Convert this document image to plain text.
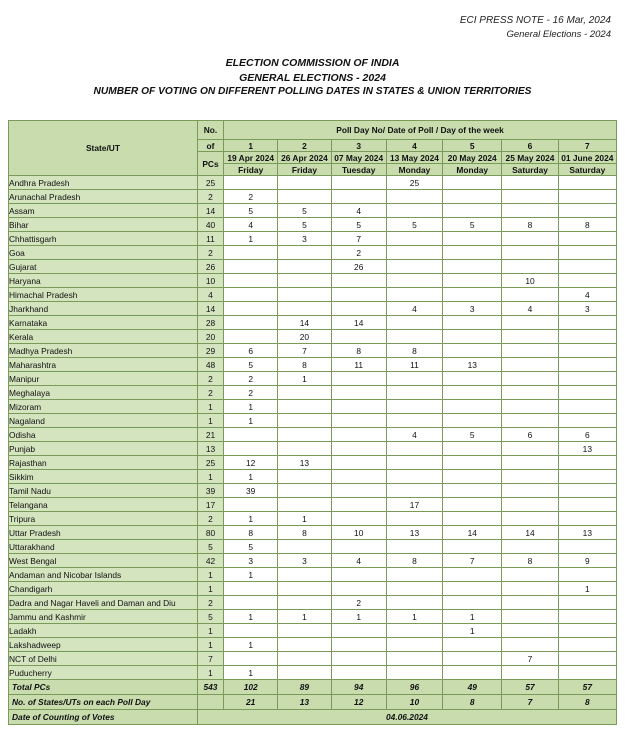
ECI PRESS NOTE - 16 Mar, 2024
General Elections - 2024
ELECTION COMMISSION OF INDIA
GENERAL ELECTIONS - 2024
NUMBER OF VOTING ON DIFFERENT POLLING DATES IN STATES & UNION TERRITORIES
State/UT	No.	Poll Day No/ Date of Poll / Day of the week						
	of	1	2	3	4	5	6	7
	PCs	19 Apr 2024	26 Apr 2024	07 May 2024	13 May 2024	20 May 2024	25 May 2024	01 June 2024
		Friday	Friday	Tuesday	Monday	Monday	Saturday	Saturday
Andhra Pradesh	25				25			
Arunachal Pradesh	2	2						
Assam	14	5	5	4				
Bihar	40	4	5	5	5	5	8	8
Chhattisgarh	11	1	3	7				
Goa	2			2				
Gujarat	26			26				
Haryana	10						10	
Himachal Pradesh	4							4
Jharkhand	14				4	3	4	3
Karnataka	28		14	14				
Kerala	20		20					
Madhya Pradesh	29	6	7	8	8			
Maharashtra	48	5	8	11	11	13		
Manipur	2	2	1					
Meghalaya	2	2						
Mizoram	1	1						
Nagaland	1	1						
Odisha	21				4	5	6	6
Punjab	13							13
Rajasthan	25	12	13					
Sikkim	1	1						
Tamil Nadu	39	39						
Telangana	17				17			
Tripura	2	1	1					
Uttar Pradesh	80	8	8	10	13	14	14	13
Uttarakhand	5	5						
West Bengal	42	3	3	4	8	7	8	9
Andaman and Nicobar Islands	1	1						
Chandigarh	1							1
Dadra and Nagar Haveli and Daman and Diu	2			2				
Jammu and Kashmir	5	1	1	1	1	1		
Ladakh	1					1		
Lakshadweep	1	1						
NCT of Delhi	7						7	
Puducherry	1	1						
Total PCs	543	102	89	94	96	49	57	57
No. of States/UTs on each Poll Day		21	13	12	10	8	7	8
Date of Counting of Votes	04.06.2024							
